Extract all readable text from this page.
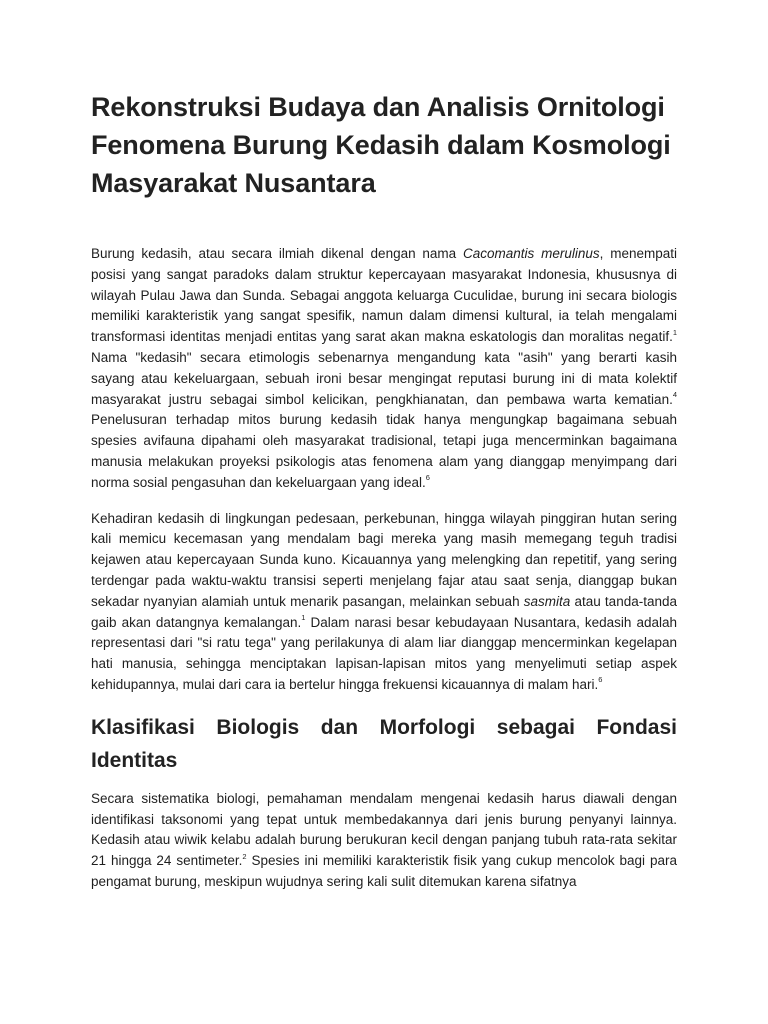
Rekonstruksi Budaya dan Analisis Ornitologi Fenomena Burung Kedasih dalam Kosmologi Masyarakat Nusantara

Burung kedasih, atau secara ilmiah dikenal dengan nama Cacomantis merulinus, menempati posisi yang sangat paradoks dalam struktur kepercayaan masyarakat Indonesia, khususnya di wilayah Pulau Jawa dan Sunda. Sebagai anggota keluarga Cuculidae, burung ini secara biologis memiliki karakteristik yang sangat spesifik, namun dalam dimensi kultural, ia telah mengalami transformasi identitas menjadi entitas yang sarat akan makna eskatologis dan moralitas negatif.$^1$ Nama "kedasih" secara etimologis sebenarnya mengandung kata "asih" yang berarti kasih sayang atau kekeluargaan, sebuah ironi besar mengingat reputasi burung ini di mata kolektif masyarakat justru sebagai simbol kelicikan, pengkhianatan, dan pembawa warta kematian.$^4$ Penelusuran terhadap mitos burung kedasih tidak hanya mengungkap bagaimana sebuah spesies avifauna dipahami oleh masyarakat tradisional, tetapi juga mencerminkan bagaimana manusia melakukan proyeksi psikologis atas fenomena alam yang dianggap menyimpang dari norma sosial pengasuhan dan kekeluargaan yang ideal.$^6$

Kehadiran kedasih di lingkungan pedesaan, perkebunan, hingga wilayah pinggiran hutan sering kali memicu kecemasan yang mendalam bagi mereka yang masih memegang teguh tradisi kejawen atau kepercayaan Sunda kuno. Kicauannya yang melengking dan repetitif, yang sering terdengar pada waktu-waktu transisi seperti menjelang fajar atau saat senja, dianggap bukan sekadar nyanyian alamiah untuk menarik pasangan, melainkan sebuah sasmita atau tanda-tanda gaib akan datangnya kemalangan.$^1$ Dalam narasi besar kebudayaan Nusantara, kedasih adalah representasi dari "si ratu tega" yang perilakunya di alam liar dianggap mencerminkan kegelapan hati manusia, sehingga menciptakan lapisan-lapisan mitos yang menyelimuti setiap aspek kehidupannya, mulai dari cara ia bertelur hingga frekuensi kicauannya di malam hari.$^6$

Klasifikasi Biologis dan Morfologi sebagai Fondasi Identitas

Secara sistematika biologi, pemahaman mendalam mengenai kedasih harus diawali dengan identifikasi taksonomi yang tepat untuk membedakannya dari jenis burung penyanyi lainnya. Kedasih atau wiwik kelabu adalah burung berukuran kecil dengan panjang tubuh rata-rata sekitar 21 hingga 24 sentimeter.$^2$ Spesies ini memiliki karakteristik fisik yang cukup mencolok bagi para pengamat burung, meskipun wujudnya sering kali sulit ditemukan karena sifatnya
